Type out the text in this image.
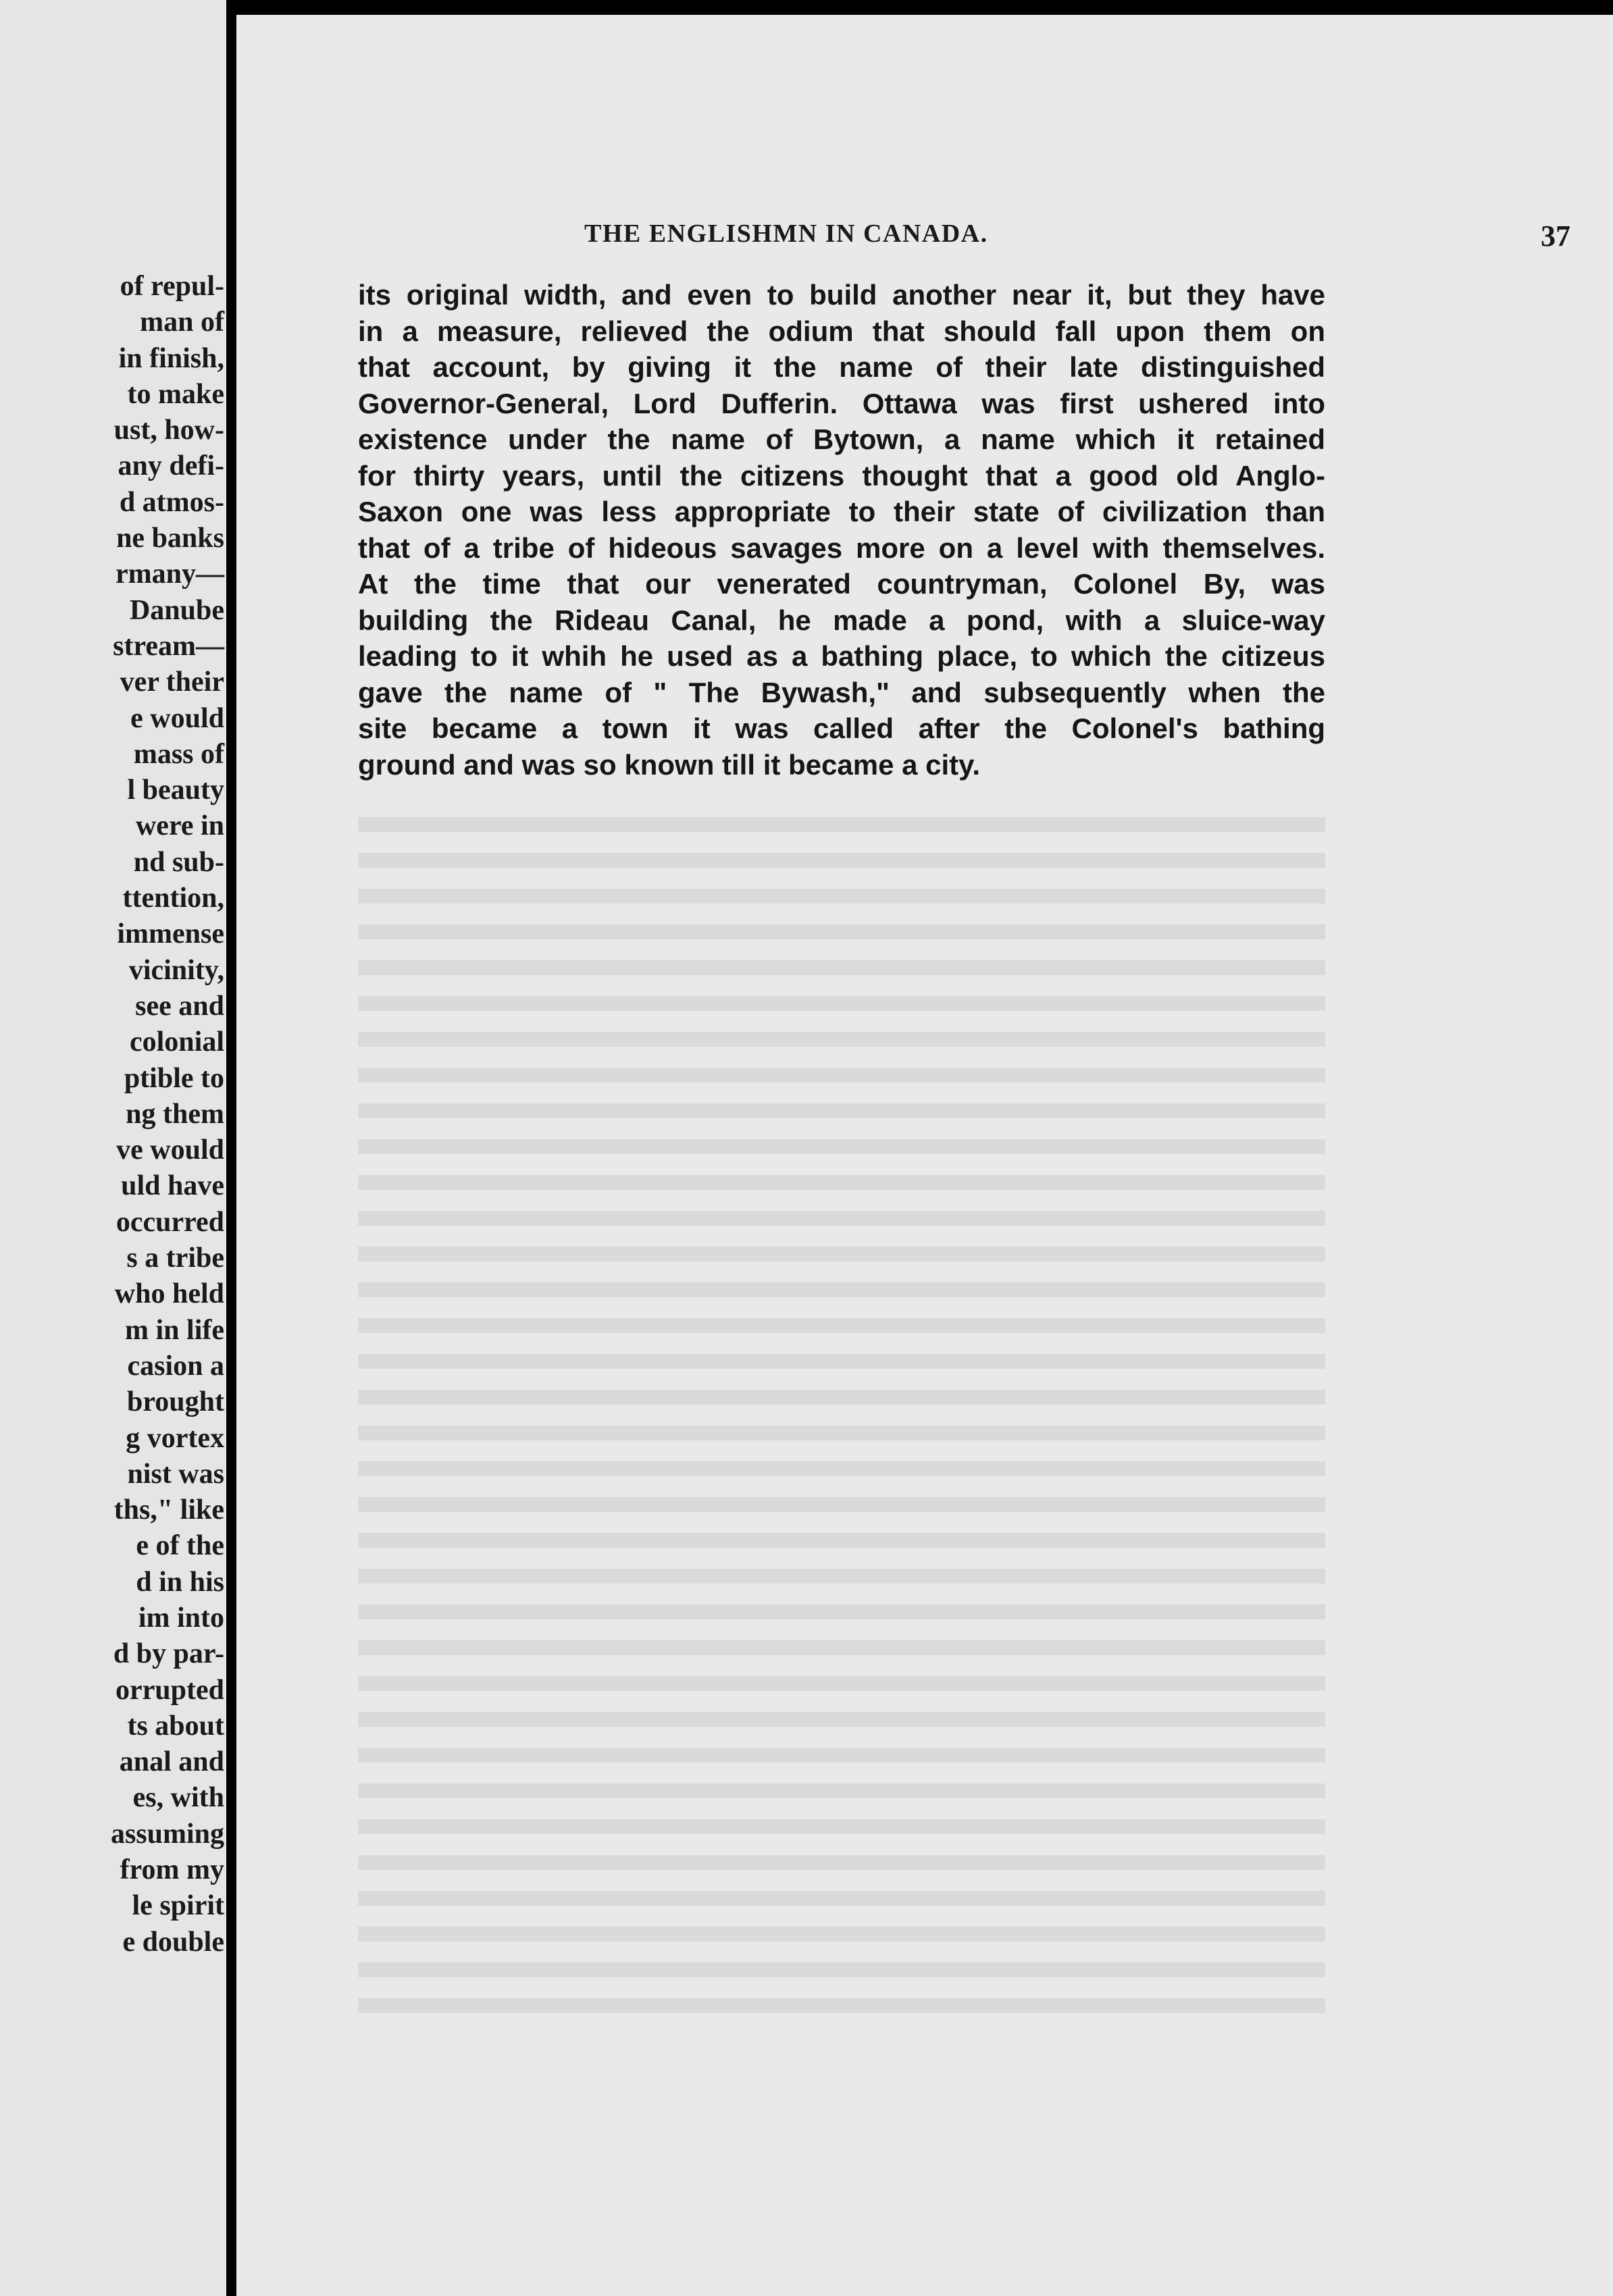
of repul-
man of
in finish,
to make
ust, how-
any defi-
d atmos-
ne banks
rmany—
Danube
stream—
ver their
e would
mass of
l beauty
were in
nd sub-
ttention,
immense
vicinity,
see and
colonial
ptible to
ng them
ve would
uld have
occurred
s a tribe
who held
m in life
casion a
brought
g vortex
nist was
ths," like
e of the
d in his
im into
d by par-
orrupted
ts about
anal and
es, with
assuming
from my
le spirit
e double
THE ENGLISHMN IN CANADA.	37
its original width, and even to build another near it, but they have
in a measure, relieved the odium that should fall upon them on
that account, by giving it the name of their late distinguished
Governor-General, Lord Dufferin. Ottawa was first ushered into
existence under the name of Bytown, a name which it retained
for thirty years, until the citizens thought that a good old Anglo-
Saxon one was less appropriate to their state of civilization than
that of a tribe of hideous savages more on a level with themselves.
At the time that our venerated countryman, Colonel By, was
building the Rideau Canal, he made a pond, with a sluice-way
leading to it whih he used as a bathing place, to which the citizeus
gave the name of " The Bywash," and subsequently when the
site became a town it was called after the Colonel's bathing
ground and was so known till it became a city.
